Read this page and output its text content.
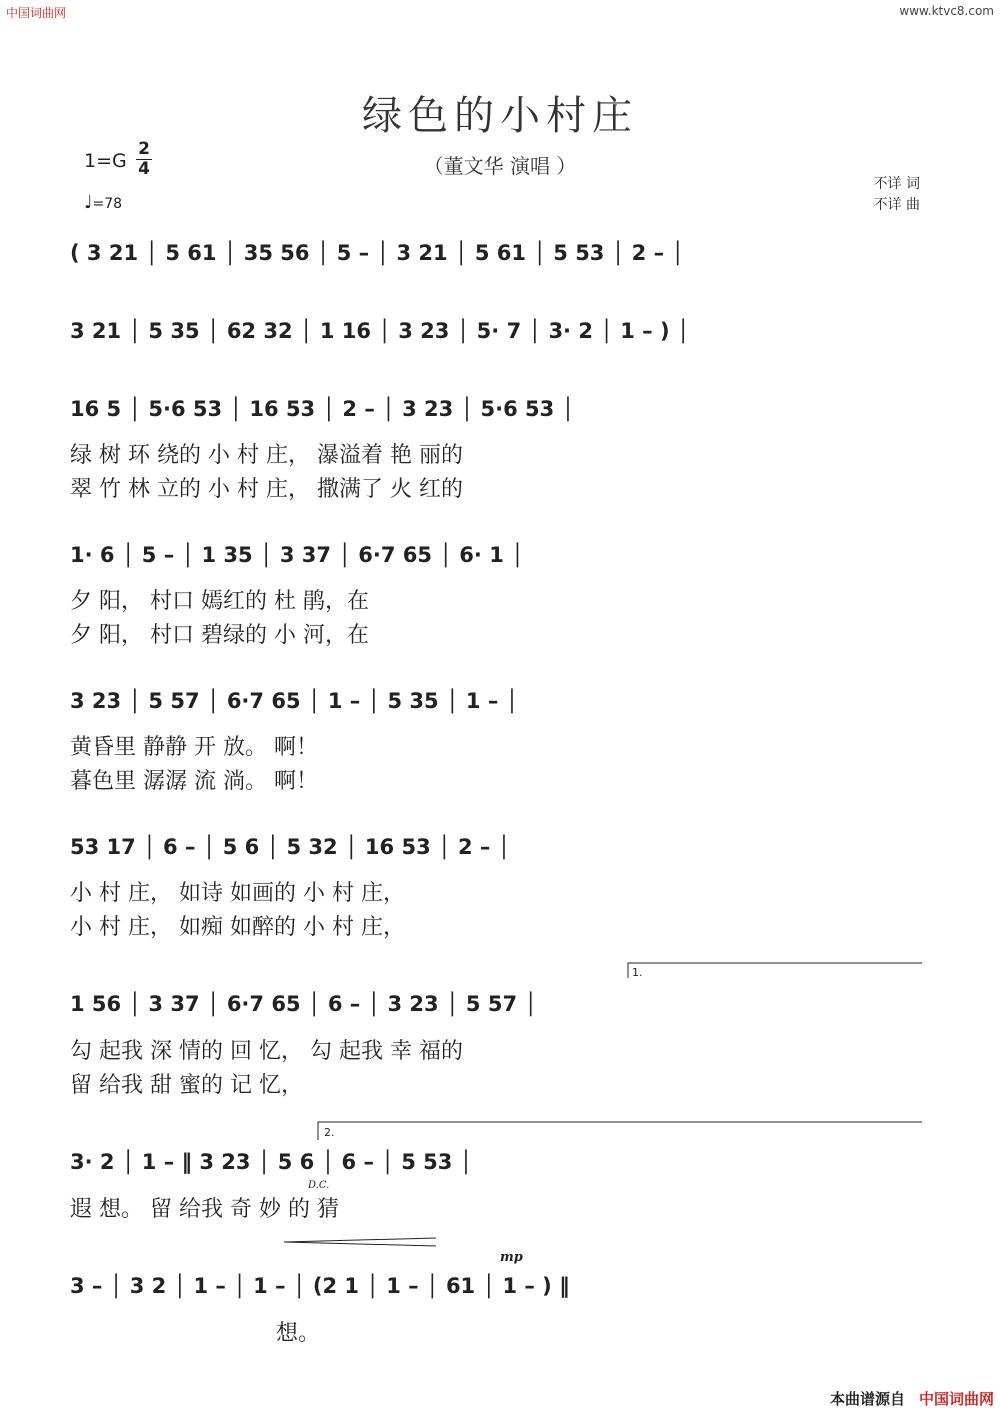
中国词曲网	www.ktvc8.com
绿色的小村庄
（董文华 演唱 ）
1=G
2
4
♩=78
不详 词
不详 曲
( 3 21 │ 5 61 │ 35 56 │ 5 – │ 3 21 │ 5 61 │ 5 53 │ 2 – │
3 21 │ 5 35 │ 62 32 │ 1 16 │ 3 23 │ 5· 7 │ 3· 2 │ 1 – ) │
16 5 │ 5·6 53 │ 16 53 │ 2 – │ 3 23 │ 5·6 53 │
绿 树 环 绕的 小 村 庄， 瀑溢着 艳 丽的
翠 竹 林 立的 小 村 庄， 撒满了 火 红的
1· 6 │ 5 – │ 1 35 │ 3 37 │ 6·7 65 │ 6· 1 │
夕 阳， 村口 嫣红的 杜 鹃，在
夕 阳， 村口 碧绿的 小 河，在
3 23 │ 5 57 │ 6·7 65 │ 1 – │ 5 35 │ 1 – │
黄昏里 静静 开 放。 啊！
暮色里 潺潺 流 淌。 啊！
53 17 │ 6 – │ 5 6 │ 5 32 │ 16 53 │ 2 – │
小 村 庄， 如诗 如画的 小 村 庄，
小 村 庄， 如痴 如醉的 小 村 庄，
1.
1 56 │ 3 37 │ 6·7 65 │ 6 – │ 3 23 │ 5 57 │
勾 起我 深 情的 回 忆， 勾 起我 幸 福的
留 给我 甜 蜜的 记 忆，
2.
3· 2 │ 1 – ‖ 3 23 │ 5 6 │ 6 – │ 5 53 │
D.C.
遐 想。 留 给我 奇 妙 的 猜
mp
3 – │ 3 2 │ 1 – │ 1 – │ (2 1 │ 1 – │ 61 │ 1 – ) ‖
想。
本曲谱源自 中国词曲网
